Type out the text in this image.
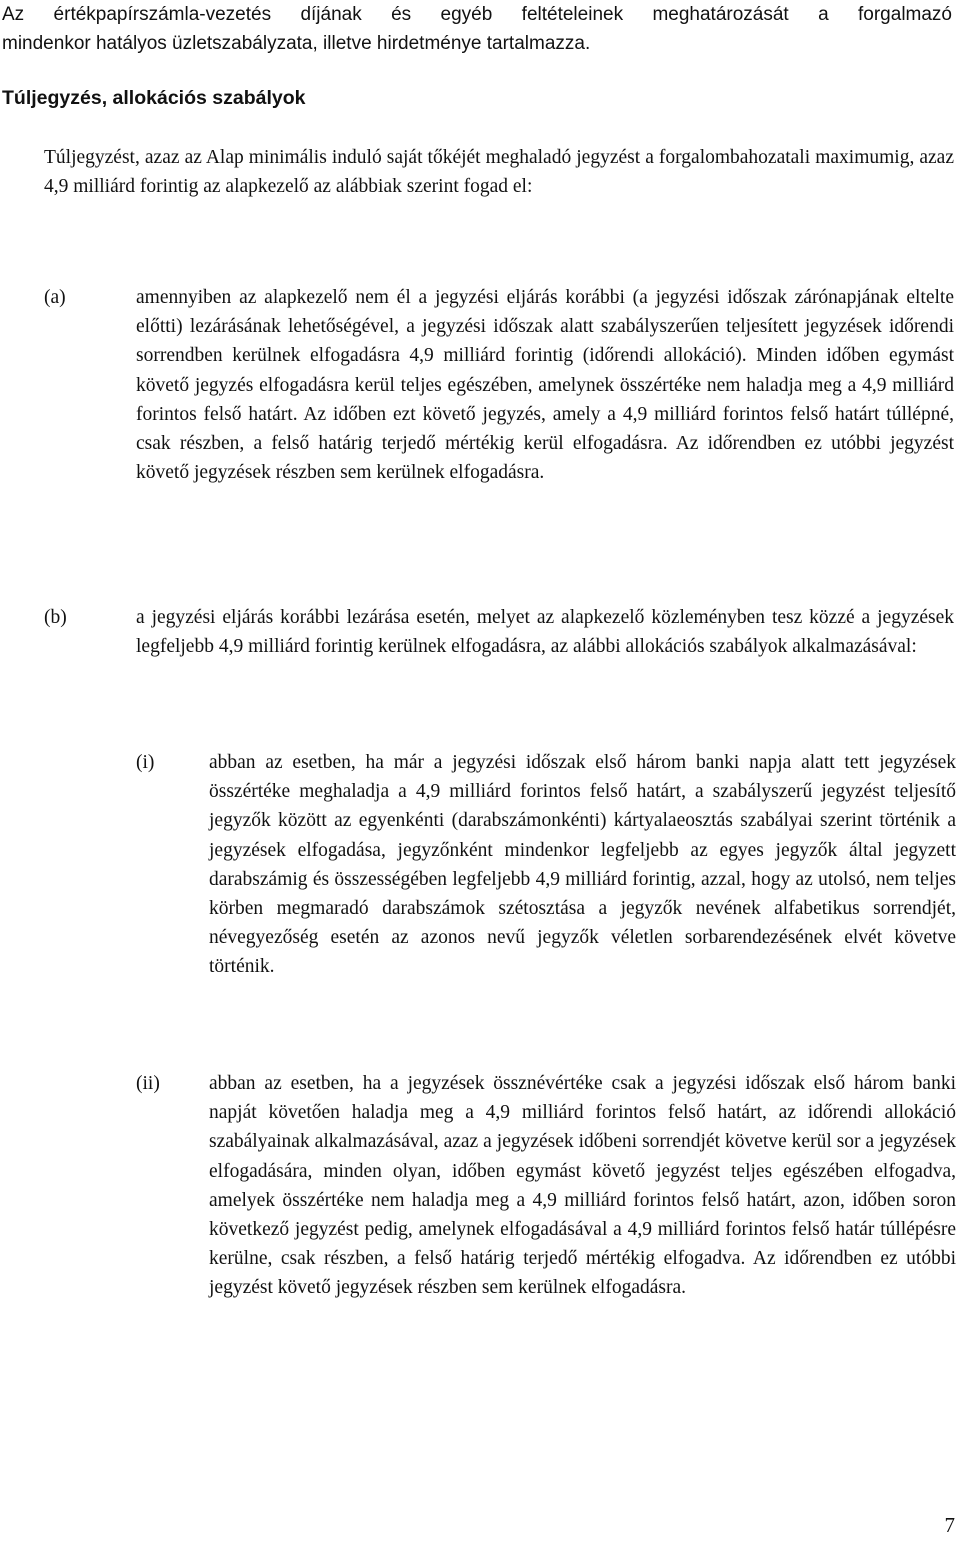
Az értékpapírszámla-vezetés díjának és egyéb feltételeinek meghatározását a forgalmazó

mindenkor hatályos üzletszabályzata, illetve hirdetménye tartalmazza.

Túljegyzés, allokációs szabályok

Túljegyzést, azaz az Alap minimális induló saját tőkéjét meghaladó jegyzést a forgalombahozatali maximumig, azaz 4,9 milliárd forintig az alapkezelő az alábbiak szerint fogad el:

(a)	amennyiben az alapkezelő nem él a jegyzési eljárás korábbi (a jegyzési időszak zárónapjának eltelte előtti) lezárásának lehetőségével, a jegyzési időszak alatt szabályszerűen teljesített jegyzések időrendi sorrendben kerülnek elfogadásra 4,9 milliárd forintig (időrendi allokáció). Minden időben egymást követő jegyzés elfogadásra kerül teljes egészében, amelynek összértéke nem haladja meg a 4,9 milliárd forintos felső határt. Az időben ezt követő jegyzés, amely a 4,9 milliárd forintos felső határt túllépné, csak részben, a felső határig terjedő mértékig kerül elfogadásra. Az időrendben ez utóbbi jegyzést követő jegyzések részben sem kerülnek elfogadásra.

(b)	a jegyzési eljárás korábbi lezárása esetén, melyet az alapkezelő közleményben tesz közzé a jegyzések legfeljebb 4,9 milliárd forintig kerülnek elfogadásra, az alábbi allokációs szabályok alkalmazásával:

(i)	abban az esetben, ha már a jegyzési időszak első három banki napja alatt tett jegyzések összértéke meghaladja a 4,9 milliárd forintos felső határt, a szabályszerű jegyzést teljesítő jegyzők között az egyenkénti (darabszámonkénti) kártyalaeosztás szabályai szerint történik a jegyzések elfogadása, jegyzőnként mindenkor legfeljebb az egyes jegyzők által jegyzett darabszámig és összességében legfeljebb 4,9 milliárd forintig, azzal, hogy az utolsó, nem teljes körben megmaradó darabszámok szétosztása a jegyzők nevének alfabetikus sorrendjét, névegyezőség esetén az azonos nevű jegyzők véletlen sorbarendezésének elvét követve történik.

(ii)	abban az esetben, ha a jegyzések össznévértéke csak a jegyzési időszak első három banki napját követően haladja meg a 4,9 milliárd forintos felső határt, az időrendi allokáció szabályainak alkalmazásával, azaz a jegyzések időbeni sorrendjét követve kerül sor a jegyzések elfogadására, minden olyan, időben egymást követő jegyzést teljes egészében elfogadva, amelyek összértéke nem haladja meg a 4,9 milliárd forintos felső határt, azon, időben soron következő jegyzést pedig, amelynek elfogadásával a 4,9 milliárd forintos felső határ túllépésre kerülne, csak részben, a felső határig terjedő mértékig elfogadva. Az időrendben ez utóbbi jegyzést követő jegyzések részben sem kerülnek elfogadásra.

7
